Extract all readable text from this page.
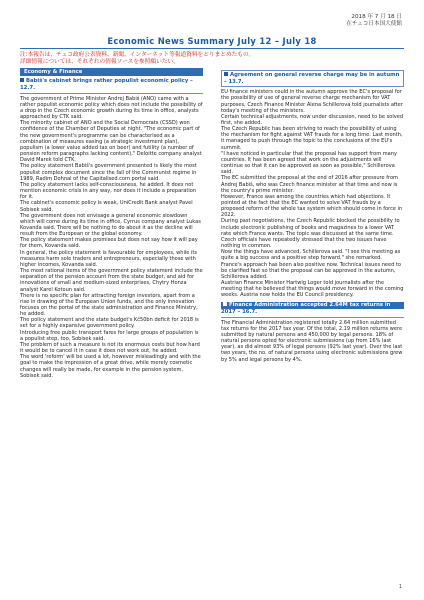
2018 年 7 月 18 日
在チェコ日本国大使館
Economic News Summary July 12 – July 18
注:本報告は、チェコ政府公表資料、新聞、インターネット等報道資料をとりまとめたもの。
詳細情報については、それぞれの情報ソースを参照願いたい。
Economy & Finance
Babiš's cabinet brings rather populist economic policy – 12.7.

The government of Prime Minister Andrej Babiš (ANO) came with a rather populist economic policy which does not include the possibility of a drop in the Czech economic growth during its time in office, analysts approached by CTK said.

The minority cabinet of ANO and the Social Democrats (CSSD) won confidence of the Chamber of Deputies at night. "The economic part of the new government's programme can be characterised as a combination of measures easing (a strategic investment plan), populism (a lower value added tax on beer) and futility (a number of pension reform paragraphs lacking content)," Deloitte company analyst David Marek told CTK.

The policy statement Babiš's government presented is likely the most populist complex document since the fall of the Communist regime in 1989, Radim Dohnal of the Capitalised.com portal said.

The policy statement lacks self-consciousness, he added. It does not mention economic crisis in any way, nor does it include a preparation for it.

The cabinet's economic policy is weak, UniCredit Bank analyst Pavel Sobisek said.

The government does not envisage a general economic slowdown which will come during its time in office, Cyrrus company analyst Lukas Kovanda said. There will be nothing to do about it as the decline will result from the European or the global economy.

The policy statement makes promises but does not say how it will pay for them, Kovanda said.

In general, the policy statement is favourable for employees, while its measures harm sole traders and entrepreneurs, especially those with higher incomes, Kovanda said.

The most rational items of the government policy statement include the separation of the pension account from the state budget, and aid for innovations of small and medium-sized enterprises, Chytry Honza analyst Karel Kotoun said.

There is no specific plan for attracting foreign investors, apart from a rise in drawing of the European Union funds, and the only innovation focuses on the portal of the state administration and Finance Ministry, he added.

The policy statement and the state budget's Kč50bn deficit for 2018 is set for a highly expansive government policy.

Introducing free public transport fares for large groups of population is a populist step, too, Sobisek said.

The problem of such a measure is not its enormous costs but how hard it would be to cancel it in case it does not work out, he added.

The word 'reform' will be used a lot, however misleadingly and with the goal to make the impression of a great drive, while merely cosmetic changes will really be made, for example in the pension system, Sobisek said.

Agreement on general reverse charge may be in autumn – 13.7.

EU finance ministers could in the autumn approve the EC's proposal for the possibility of use of general reverse charge mechanism for VAT purposes, Czech Finance Minister Alena Schillerova told journalists after today's meeting of the ministers.

Certain technical adjustments, now under discussion, need to be solved first, she added.

The Czech Republic has been striving to reach the possibility of using the mechanism for fight against VAT frauds for a long time. Last month, it managed to push through the topic to the conclusions of the EU's summit.

"I have noticed in particular that the proposal has support from many countries. It has been agreed that work on the adjustments will continue so that it can be approved as soon as possible," Schillerova said.

The EC submitted the proposal at the end of 2016 after pressure from Andrej Babiš, who was Czech finance minister at that time and now is the country's prime minister.

However, France was among the countries which had objections. It pointed at the fact that the EC wanted to solve VAT frauds by a proposed reform of the whole tax system which should come in force in 2022.

During past negotiations, the Czech Republic blocked the possibility to include electronic publishing of books and magazines to a lower VAT rate which France wants. The topic was discussed at the same time. Czech officials have repeatedly stressed that the two issues have nothing in common.

Now the things have advanced, Schillerova said. "I see this meeting as quite a big success and a positive step forward," she remarked.

France's approach has been also positive now. Technical issues need to be clarified fast so that the proposal can be approved in the autumn, Schillerova added.

Austrian Finance Minister Hartwig Loger told journalists after the meeting that he believed that things would move forward in the coming weeks. Austria now holds the EU Council presidency.

Finance Administration accepted 2.64M tax returns in
2017 – 16.7.

The Financial Administration registered totally 2.64 million submitted tax returns for the 2017 tax year. Of the total, 2.19 million returns were submitted by natural persons and 450,000 by legal persons. 18% of natural persons opted for electronic submissions (up from 16% last year), as did almost 93% of legal persons (92% last year). Over the last two years, the no. of natural persons using electronic submissions grew by 5% and legal persons by 4%.

1
